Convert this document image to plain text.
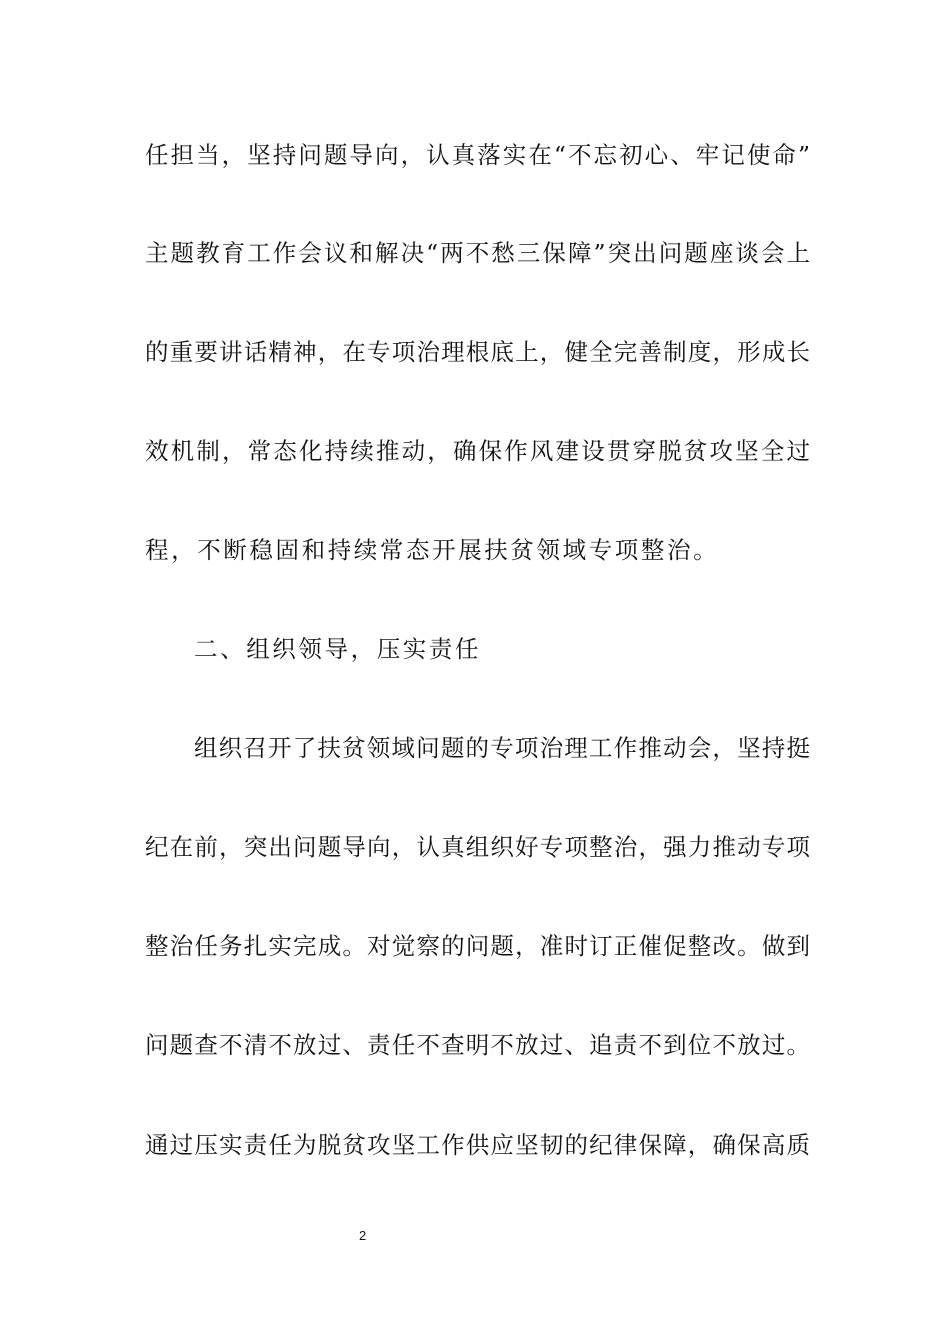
任担当，坚持问题导向，认真落实在“不忘初心、牢记使命”
主题教育工作会议和解决“两不愁三保障”突出问题座谈会上
的重要讲话精神，在专项治理根底上，健全完善制度，形成长
效机制，常态化持续推动，确保作风建设贯穿脱贫攻坚全过
程，不断稳固和持续常态开展扶贫领域专项整治。
二、组织领导，压实责任
组织召开了扶贫领域问题的专项治理工作推动会，坚持挺
纪在前，突出问题导向，认真组织好专项整治，强力推动专项
整治任务扎实完成。对觉察的问题，准时订正催促整改。做到
问题查不清不放过、责任不查明不放过、追责不到位不放过。
通过压实责任为脱贫攻坚工作供应坚韧的纪律保障，确保高质
2
